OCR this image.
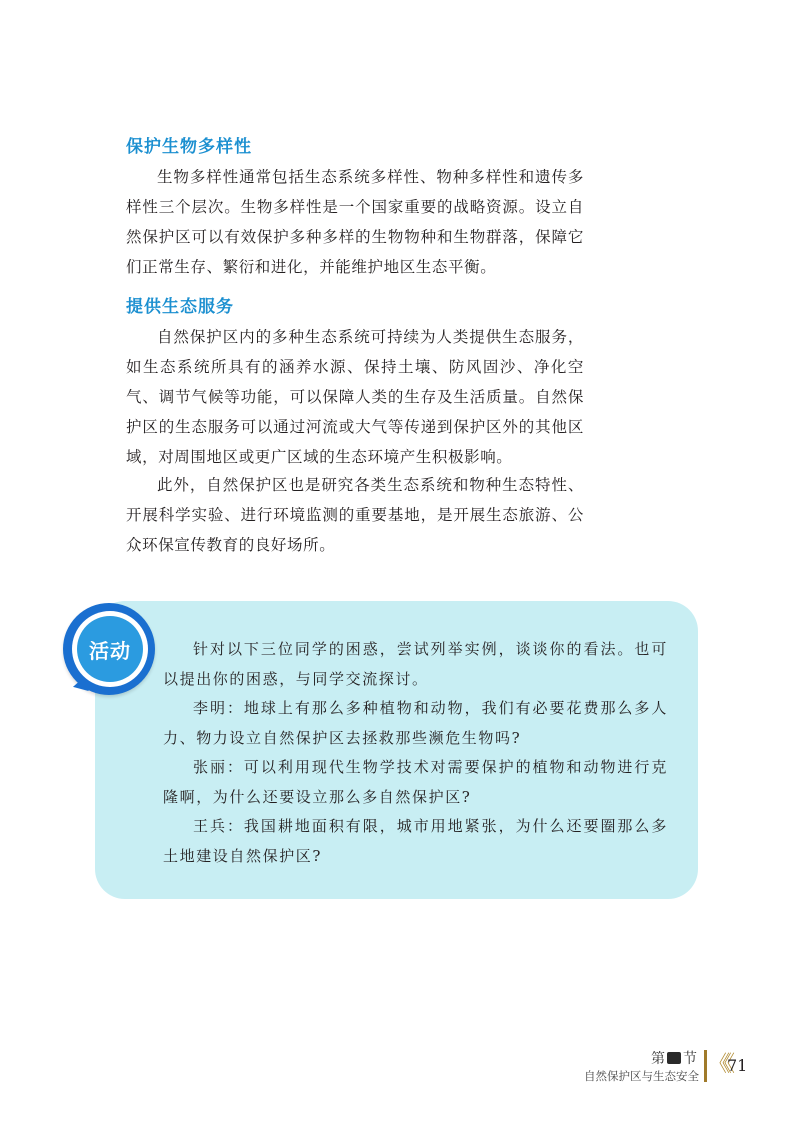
保护生物多样性

生物多样性通常包括生态系统多样性、物种多样性和遗传多样性三个层次。生物多样性是一个国家重要的战略资源。设立自然保护区可以有效保护多种多样的生物物种和生物群落，保障它们正常生存、繁衍和进化，并能维护地区生态平衡。

提供生态服务

自然保护区内的多种生态系统可持续为人类提供生态服务，如生态系统所具有的涵养水源、保持土壤、防风固沙、净化空气、调节气候等功能，可以保障人类的生存及生活质量。自然保护区的生态服务可以通过河流或大气等传递到保护区外的其他区域，对周围地区或更广区域的生态环境产生积极影响。

此外，自然保护区也是研究各类生态系统和物种生态特性、开展科学实验、进行环境监测的重要基地，是开展生态旅游、公众环保宣传教育的良好场所。

活动	针对以下三位同学的困惑，尝试列举实例，谈谈你的看法。也可以提出你的困惑，与同学交流探讨。

李明：地球上有那么多种植物和动物，我们有必要花费那么多人力、物力设立自然保护区去拯救那些濒危生物吗?

张丽：可以利用现代生物学技术对需要保护的植物和动物进行克隆啊，为什么还要设立那么多自然保护区?

王兵：我国耕地面积有限，城市用地紧张，为什么还要圈那么多土地建设自然保护区?

第 节
自然保护区与生态安全 《《
71
